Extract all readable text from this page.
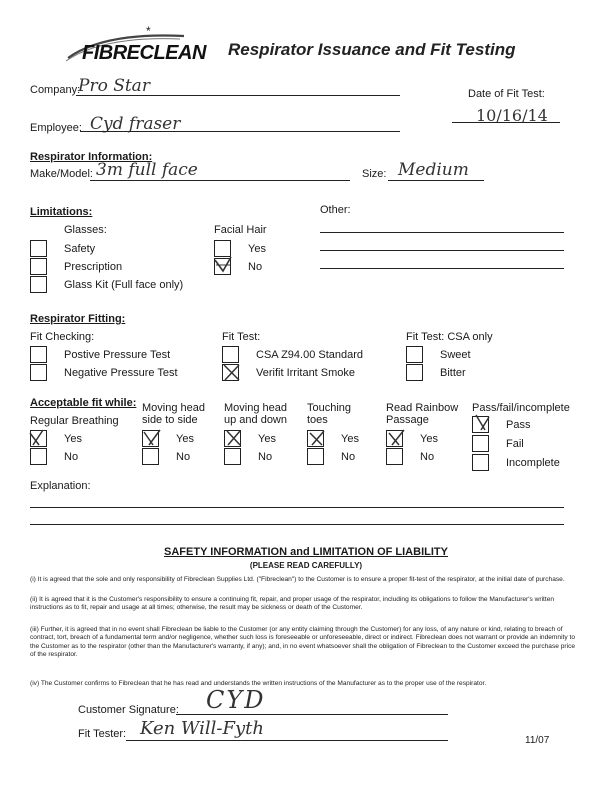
*
FIBRECLEAN Respirator Issuance and Fit Testing
Company:
Pro Star	Date of Fit Test:
10/16/14
Employee: Cyd fraser
Respirator Information:
Make/Model: 3m full face	Size: Medium
Limitations:
Glasses:
Safety
Prescription
Glass Kit (Full face only)
Facial Hair
Yes
No
Other:
Respirator Fitting:
Fit Checking:
Postive Pressure Test
Negative Pressure Test
Fit Test:
CSA Z94.00 Standard
Verifit Irritant Smoke
Fit Test: CSA only
Sweet
Bitter
Acceptable fit while:
Regular Breathing
Yes
No
Moving head side to side
Yes
No
Moving head up and down
Yes
No
Touching toes
Yes
No
Read Rainbow Passage
Yes
No
Pass/fail/incomplete
Pass
Fail
Incomplete
Explanation:
SAFETY INFORMATION and LIMITATION OF LIABILITY
(PLEASE READ CAREFULLY)
(i) It is agreed that the sole and only responsibility of Fibreclean Supplies Ltd. ("Fibreclean") to the Customer is to ensure a proper fit-test of the respirator, at the initial date of purchase.
(ii) It is agreed that it is the Customer's responsibility to ensure a continuing fit, repair, and proper usage of the respirator, including its obligations to follow the Manufacturer's written instructions as to fit, repair and usage at all times; otherwise, the result may be sickness or death of the Customer.
(iii) Further, it is agreed that in no event shall Fibreclean be liable to the Customer (or any entity claiming through the Customer) for any loss, of any nature or kind, relating to breach of contract, tort, breach of a fundamental term and/or negligence, whether such loss is foreseeable or unforeseeable, direct or indirect. Fibreclean does not warrant or provide an indemnity to the Customer as to the respirator (other than the Manufacturer's warranty, if any); and, in no event whatsoever shall the obligation of Fibreclean to the Customer exceed the purchase price of the respirator.
(iv) The Customer confirms to Fibreclean that he has read and understands the written instructions of the Manufacturer as to the proper use of the respirator.
Customer Signature: CYD
Fit Tester: Ken Will-Fyth
11/07
